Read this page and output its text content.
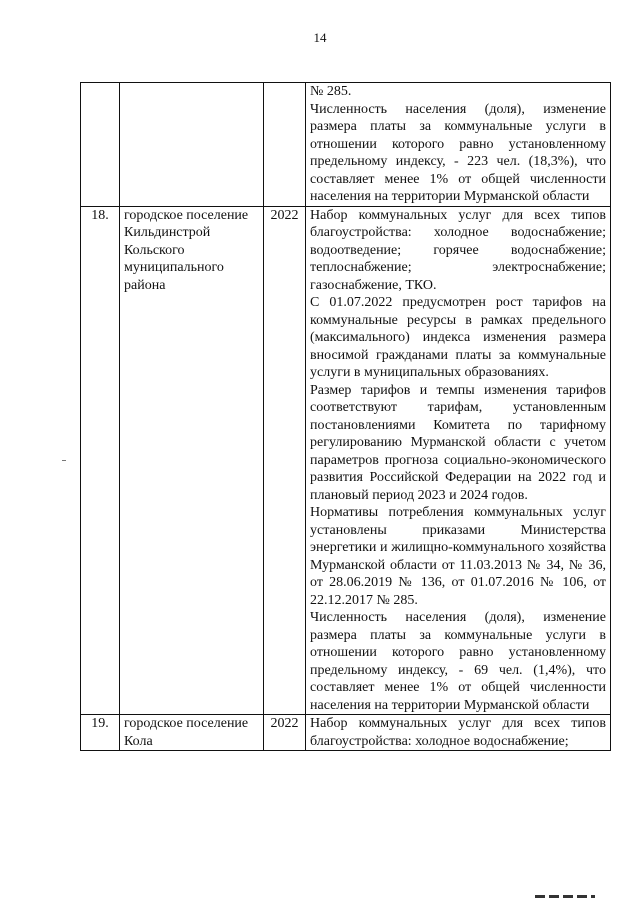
14

			№ 285.

Численность населения (доля), изменение размера платы за коммунальные услуги в отношении которого равно установленному предельному индексу, - 223 чел. (18,3%), что составляет менее 1% от общей численности населения на территории Мурманской области

18.	городское поселение Кильдинстрой Кольского муниципального района	2022	Набор коммунальных услуг для всех типов благоустройства: холодное водоснабжение; водоотведение; горячее водоснабжение; теплоснабжение; электроснабжение; газоснабжение, ТКО.

С 01.07.2022 предусмотрен рост тарифов на коммунальные ресурсы в рамках предельного (максимального) индекса изменения размера вносимой гражданами платы за коммунальные услуги в муниципальных образованиях.

Размер тарифов и темпы изменения тарифов соответствуют тарифам, установленным постановлениями Комитета по тарифному регулированию Мурманской области с учетом параметров прогноза социально-экономического развития Российской Федерации на 2022 год и плановый период 2023 и 2024 годов.

Нормативы потребления коммунальных услуг установлены приказами Министерства энергетики и жилищно-коммунального хозяйства Мурманской области от 11.03.2013 № 34, № 36, от 28.06.2019 № 136, от 01.07.2016 № 106, от 22.12.2017 № 285.

Численность населения (доля), изменение размера платы за коммунальные услуги в отношении которого равно установленному предельному индексу, - 69 чел. (1,4%), что составляет менее 1% от общей численности населения на территории Мурманской области

19.	городское поселение Кола	2022	Набор коммунальных услуг для всех типов благоустройства: холодное водоснабжение;
